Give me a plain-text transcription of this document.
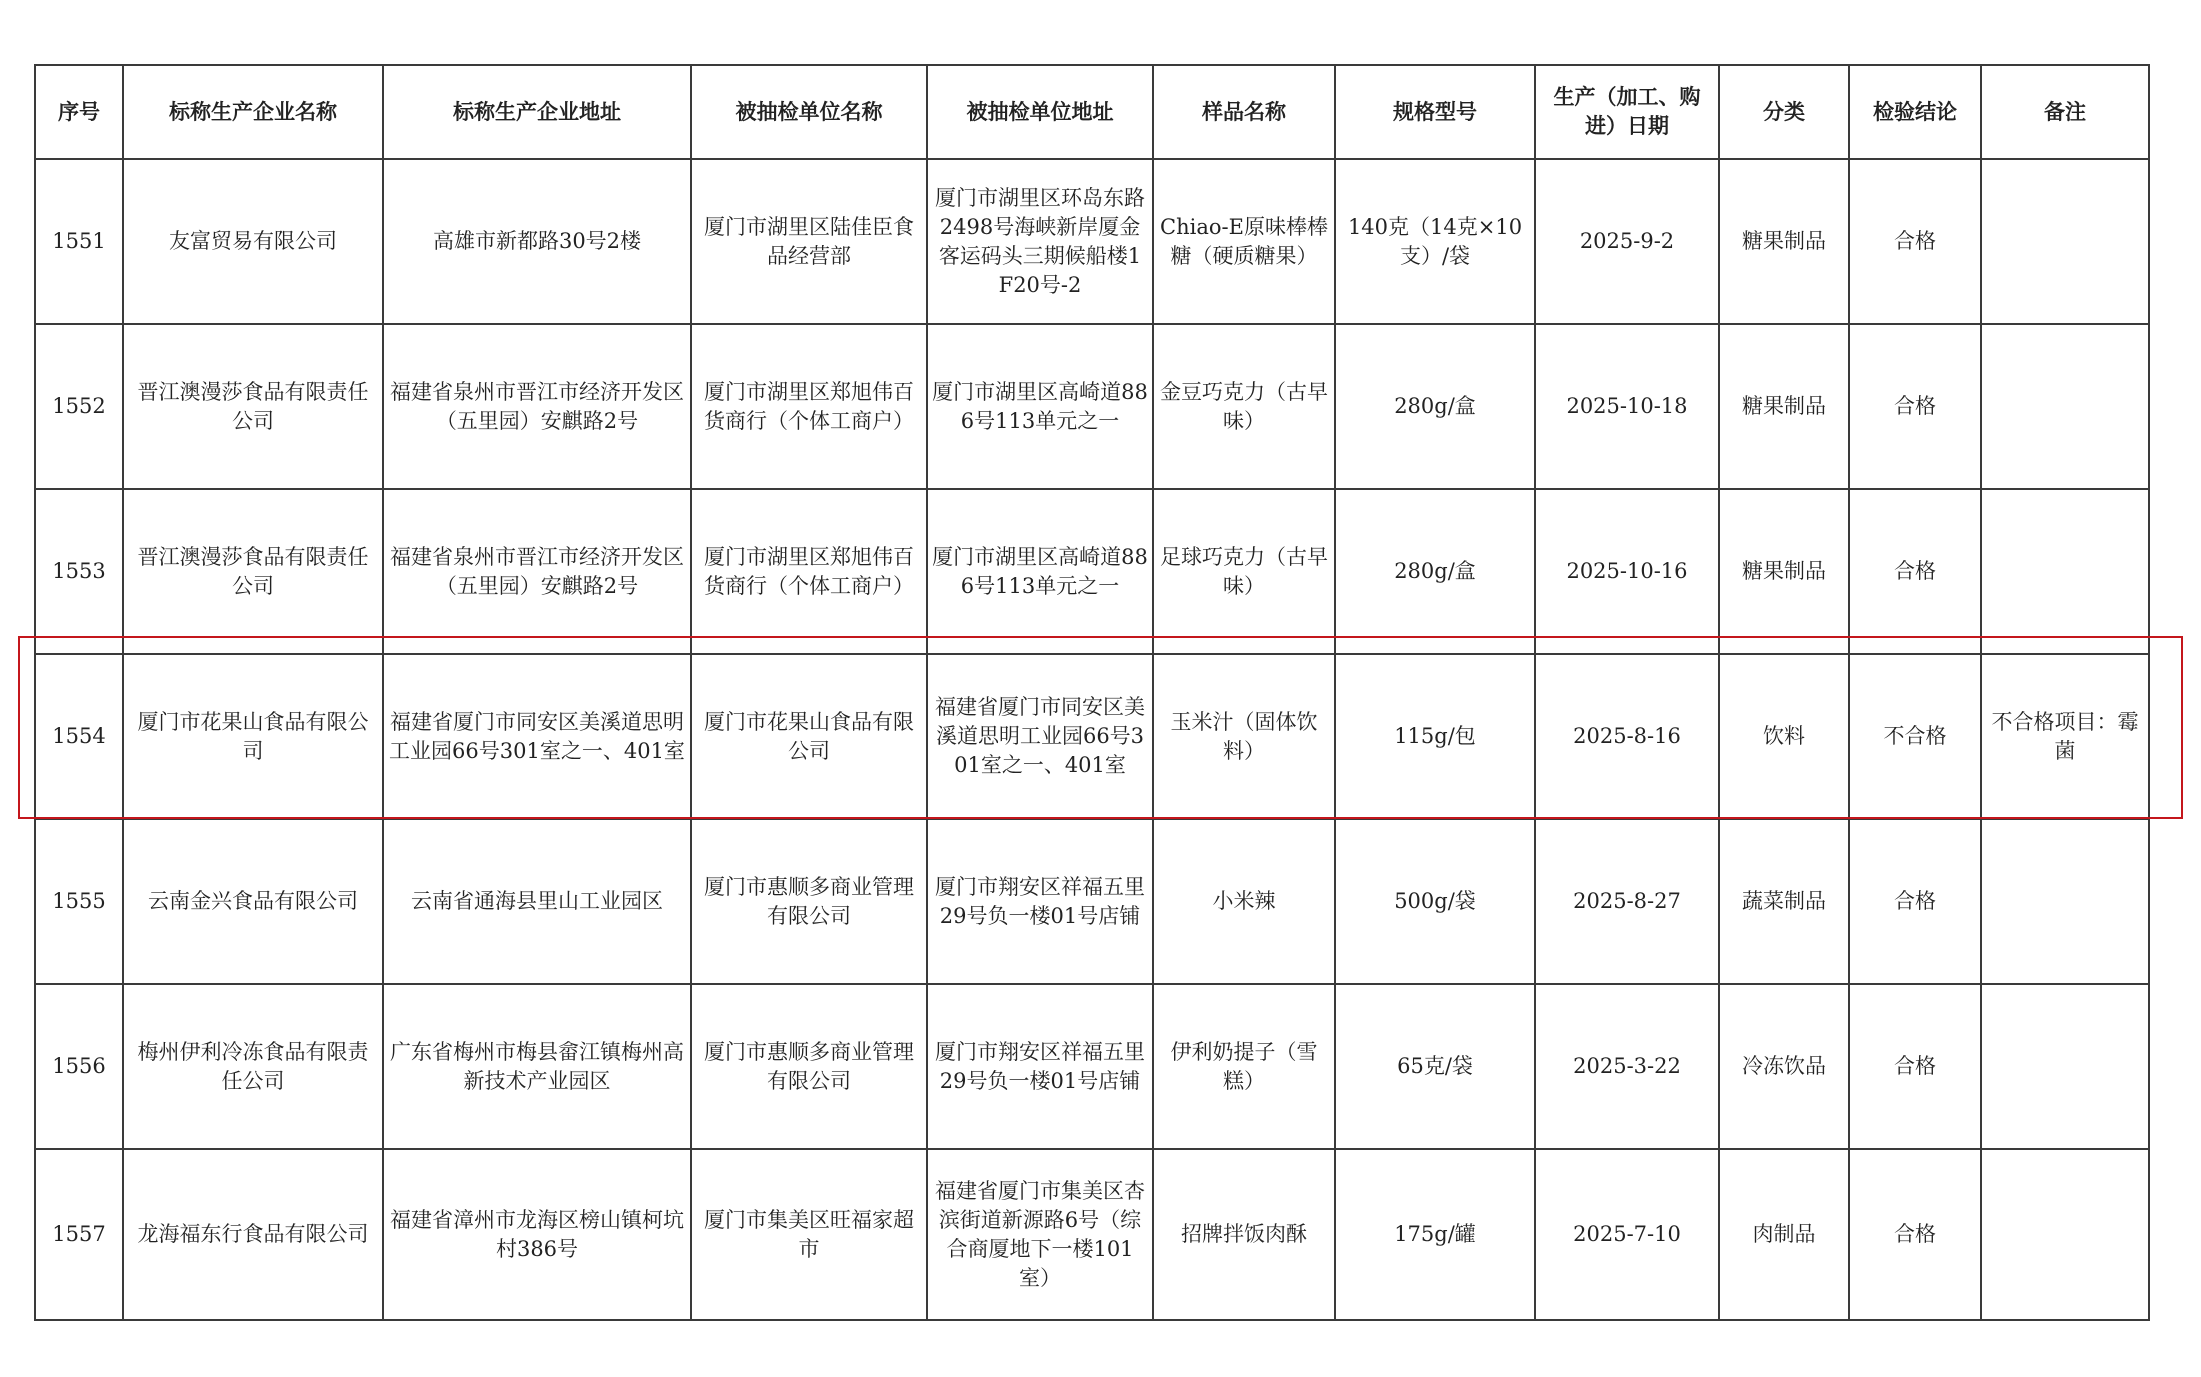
序号	标称生产企业名称	标称生产企业地址	被抽检单位名称	被抽检单位地址	样品名称	规格型号	生产（加工、购进）日期	分类	检验结论	备注
1551	友富贸易有限公司	高雄市新都路30号2楼	厦门市湖里区陆佳臣食品经营部	厦门市湖里区环岛东路2498号海峡新岸厦金客运码头三期候船楼1F20号-2	Chiao-E原味棒棒糖（硬质糖果）	140克（14克×10支）/袋	2025-9-2	糖果制品	合格	
1552	晋江澳漫莎食品有限责任公司	福建省泉州市晋江市经济开发区（五里园）安麒路2号	厦门市湖里区郑旭伟百货商行（个体工商户）	厦门市湖里区高崎道886号113单元之一	金豆巧克力（古早味）	280g/盒	2025-10-18	糖果制品	合格	
1553	晋江澳漫莎食品有限责任公司	福建省泉州市晋江市经济开发区（五里园）安麒路2号	厦门市湖里区郑旭伟百货商行（个体工商户）	厦门市湖里区高崎道886号113单元之一	足球巧克力（古早味）	280g/盒	2025-10-16	糖果制品	合格	
1554	厦门市花果山食品有限公司	福建省厦门市同安区美溪道思明工业园66号301室之一、401室	厦门市花果山食品有限公司	福建省厦门市同安区美溪道思明工业园66号301室之一、401室	玉米汁（固体饮料）	115g/包	2025-8-16	饮料	不合格	不合格项目：霉菌
1555	云南金兴食品有限公司	云南省通海县里山工业园区	厦门市惠顺多商业管理有限公司	厦门市翔安区祥福五里29号负一楼01号店铺	小米辣	500g/袋	2025-8-27	蔬菜制品	合格	
1556	梅州伊利冷冻食品有限责任公司	广东省梅州市梅县畲江镇梅州高新技术产业园区	厦门市惠顺多商业管理有限公司	厦门市翔安区祥福五里29号负一楼01号店铺	伊利奶提子（雪糕）	65克/袋	2025-3-22	冷冻饮品	合格	
1557	龙海福东行食品有限公司	福建省漳州市龙海区榜山镇柯坑村386号	厦门市集美区旺福家超市	福建省厦门市集美区杏滨街道新源路6号（综合商厦地下一楼101室）	招牌拌饭肉酥	175g/罐	2025-7-10	肉制品	合格	
